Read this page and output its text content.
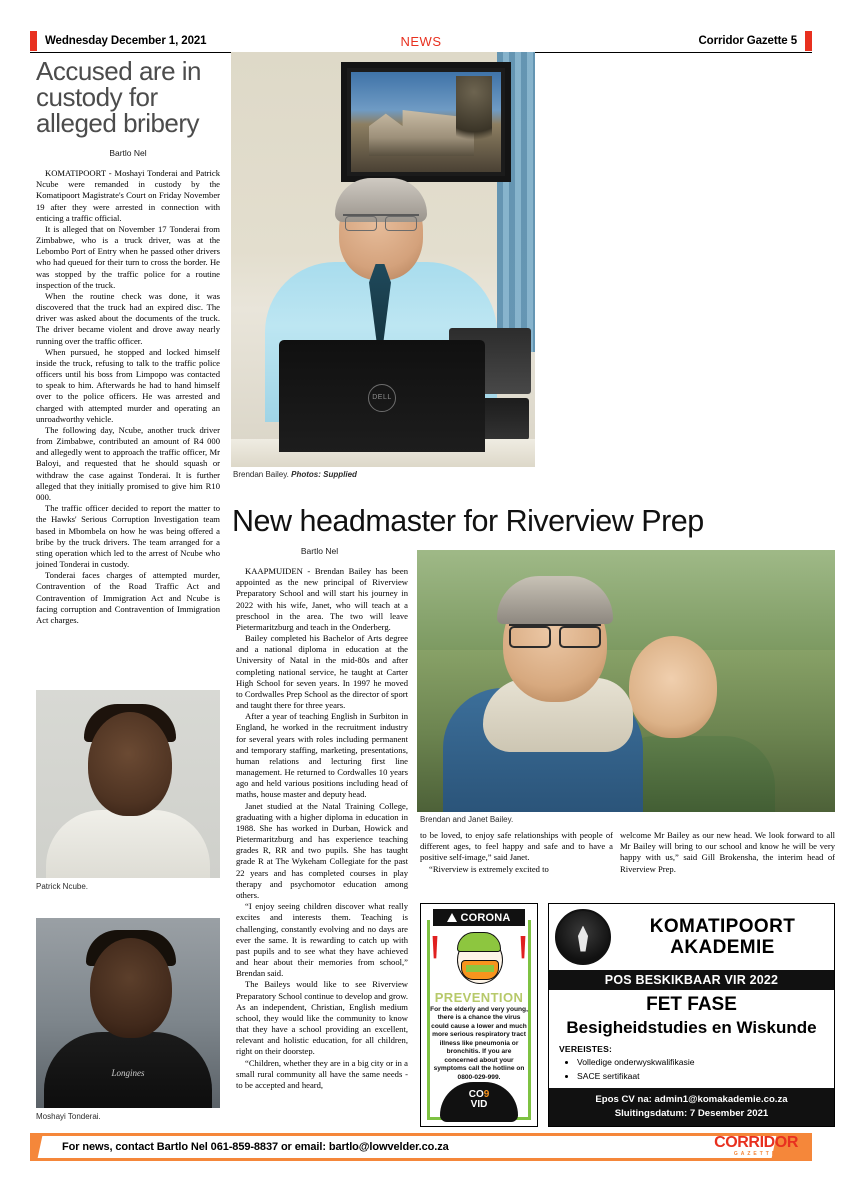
Wednesday December 1, 2021	NEWS	Corridor Gazette 5
Accused are in custody for alleged bribery
Bartlo Nel

KOMATIPOORT - Moshayi Tonderai and Patrick Ncube were remanded in custody by the Komatipoort Magistrate's Court on Friday November 19 after they were arrested in connection with enticing a traffic official.

It is alleged that on November 17 Tonderai from Zimbabwe, who is a truck driver, was at the Lebombo Port of Entry when he passed other drivers who had queued for their turn to cross the border. He was stopped by the traffic police for a routine inspection of the truck.

When the routine check was done, it was discovered that the truck had an expired disc. The driver was asked about the documents of the truck. The driver became violent and drove away nearly running over the traffic officer.

When pursued, he stopped and locked himself inside the truck, refusing to talk to the traffic police officers until his boss from Limpopo was contacted to speak to him. Afterwards he had to hand himself over to the police officers. He was arrested and charged with attempted murder and operating an unroadworthy vehicle.

The following day, Ncube, another truck driver from Zimbabwe, contributed an amount of R4 000 and allegedly went to approach the traffic officer, Mr Baloyi, and requested that he should squash or withdraw the case against Tonderai. It is further alleged that they initially promised to give him R10 000.

The traffic officer decided to report the matter to the Hawks' Serious Corruption Investigation team based in Mbombela on how he was being offered a bribe by the truck drivers. The team arranged for a sting operation which led to the arrest of Ncube who joined Tonderai in custody.

Tonderai faces charges of attempted murder, Contravention of the Road Traffic Act and Contravention of Immigration Act and Ncube is facing corruption and Contravention of Immigration Act charges.

Patrick Ncube.
Longines
Moshayi Tonderai.
DELL
Brendan Bailey. Photos: Supplied
New headmaster for Riverview Prep
Bartlo Nel

KAAPMUIDEN - Brendan Bailey has been appointed as the new principal of Riverview Preparatory School and will start his journey in 2022 with his wife, Janet, who will teach at a preschool in the area. The two will leave Pietermaritzburg and teach in the Onderberg.

Bailey completed his Bachelor of Arts degree and a national diploma in education at the University of Natal in the mid-80s and after completing national service, he taught at Carter High School for seven years. In 1997 he moved to Cordwalles Prep School as the director of sport and taught there for three years.

After a year of teaching English in Surbiton in England, he worked in the recruitment industry for several years with roles including permanent and temporary staffing, marketing, presentations, human relations and lecturing first line management. He returned to Cordwalles 10 years ago and held various positions including head of maths, house master and deputy head.

Janet studied at the Natal Training College, graduating with a higher diploma in education in 1988. She has worked in Durban, Howick and Pietermaritzburg and has experience teaching grades R, RR and two pupils. She has taught grade R at The Wykeham Collegiate for the past 22 years and has completed courses in play therapy and psychomotor education among others.

“I enjoy seeing children discover what really excites and interests them. Teaching is challenging, constantly evolving and no days are ever the same. It is rewarding to catch up with past pupils and to see what they have achieved and hear about their memories from school,” Brendan said.

The Baileys would like to see Riverview Preparatory School continue to develop and grow. As an independent, Christian, English medium school, they would like the community to know that they have a school providing an excellent, relevant and holistic education, for all children, right on their doorstep.

“Children, whether they are in a big city or in a small rural community all have the same needs - to be accepted and heard,

Brendan and Janet Bailey.

to be loved, to enjoy safe relationships with people of different ages, to feel happy and safe and to have a positive self-image,” said Janet.

“Riverview is extremely excited to

welcome Mr Bailey as our new head. We look forward to all Mr Bailey will bring to our school and know he will be very happy with us,” said Gill Brokensha, the interim head of Riverview Prep.

CORONA
PREVENTION
For the elderly and very young, there is a chance the virus could cause a lower and much more serious respiratory tract illness like pneumonia or bronchitis. If you are concerned about your symptoms call the hotline on 0800-029-999.
CO9
VID
KOMATIPOORT
AKADEMIE
POS BESKIKBAAR VIR 2022
FET FASE
Besigheidstudies en Wiskunde
VEREISTES:
• Volledige onderwyskwalifikasie
• SACE sertifikaat
Epos CV na: admin1@komakademie.co.za
Sluitingsdatum: 7 Desember 2021
For news, contact Bartlo Nel 061-859-8837 or email: bartlo@lowvelder.co.za	CORRIDOR
GAZETTE
